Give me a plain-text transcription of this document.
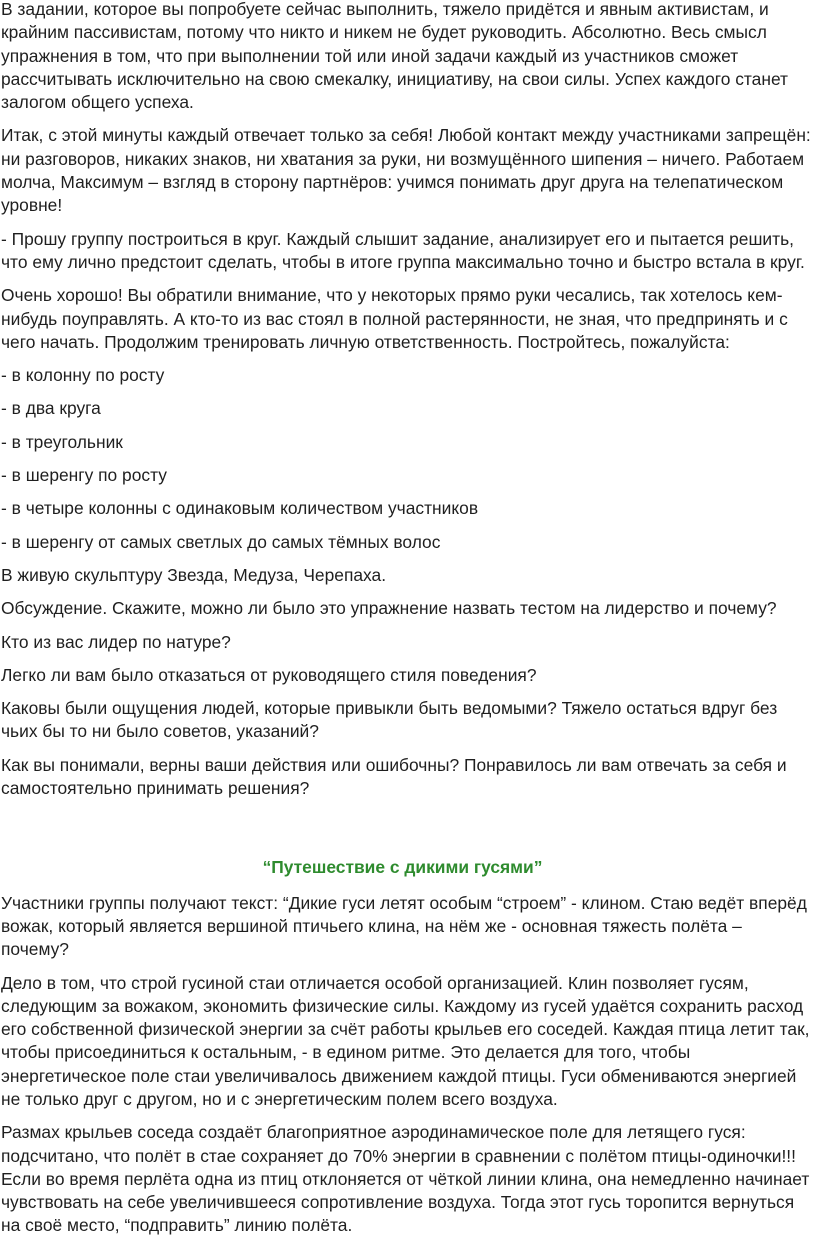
В задании, которое вы попробуете сейчас выполнить, тяжело придётся и явным активистам, и крайним пассивистам, потому что никто и никем не будет руководить. Абсолютно. Весь смысл упражнения в том, что при выполнении той или иной задачи каждый из участников сможет рассчитывать исключительно на свою смекалку, инициативу, на свои силы. Успех каждого станет залогом общего успеха.

Итак, с этой минуты каждый отвечает только за себя! Любой контакт между участниками запрещён: ни разговоров, никаких знаков, ни хватания за руки, ни возмущённого шипения – ничего. Работаем молча, Максимум – взгляд в сторону партнёров: учимся понимать друг друга на телепатическом уровне!

- Прошу группу построиться в круг. Каждый слышит задание, анализирует его и пытается решить, что ему лично предстоит сделать, чтобы в итоге группа максимально точно и быстро встала в круг.

Очень хорошо! Вы обратили внимание, что у некоторых прямо руки чесались, так хотелось кем-нибудь поуправлять. А кто-то из вас стоял в полной растерянности, не зная, что предпринять и с чего начать. Продолжим тренировать личную ответственность. Постройтесь, пожалуйста:

- в колонну по росту

- в два круга

- в треугольник

- в шеренгу по росту

- в четыре колонны с одинаковым количеством участников

- в шеренгу от самых светлых до самых тёмных волос

В живую скульптуру Звезда, Медуза, Черепаха.

Обсуждение. Скажите, можно ли было это упражнение назвать тестом на лидерство и почему?

Кто из вас лидер по натуре?

Легко ли вам было отказаться от руководящего стиля поведения?

Каковы были ощущения людей, которые привыкли быть ведомыми? Тяжело остаться вдруг без чьих бы то ни было советов, указаний?

Как вы понимали, верны ваши действия или ошибочны? Понравилось ли вам отвечать за себя и самостоятельно принимать решения?

“Путешествие с дикими гусями”

Участники группы получают текст: “Дикие гуси летят особым “строем” - клином. Стаю ведёт вперёд вожак, который является вершиной птичьего клина, на нём же - основная тяжесть полёта – почему?

Дело в том, что строй гусиной стаи отличается особой организацией. Клин позволяет гусям, следующим за вожаком, экономить физические силы. Каждому из гусей удаётся сохранить расход его собственной физической энергии за счёт работы крыльев его соседей. Каждая птица летит так, чтобы присоединиться к остальным, - в едином ритме. Это делается для того, чтобы энергетическое поле стаи увеличивалось движением каждой птицы. Гуси обмениваются энергией не только друг с другом, но и с энергетическим полем всего воздуха.

Размах крыльев соседа создаёт благоприятное аэродинамическое поле для летящего гуся: подсчитано, что полёт в стае сохраняет до 70% энергии в сравнении с полётом птицы-одиночки!!! Если во время перлёта одна из птиц отклоняется от чёткой линии клина, она немедленно начинает чувствовать на себе увеличившееся сопротивление воздуха. Тогда этот гусь торопится вернуться на своё место, “подправить” линию полёта.
